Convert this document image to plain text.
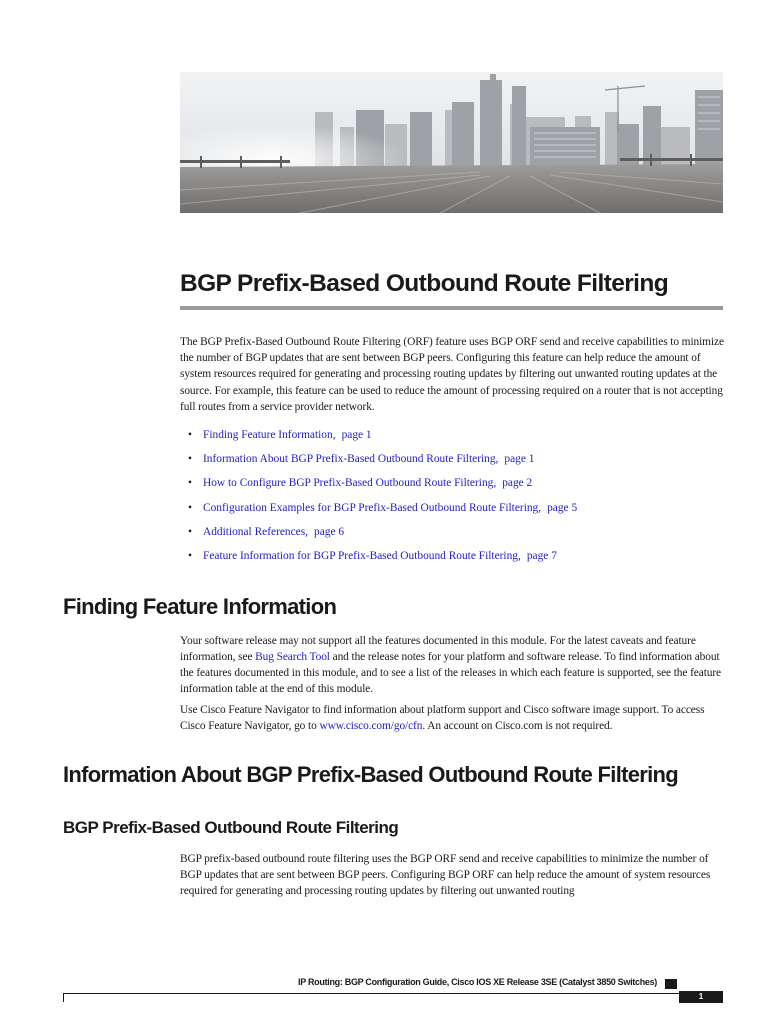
BGP Prefix-Based Outbound Route Filtering

The BGP Prefix-Based Outbound Route Filtering (ORF) feature uses BGP ORF send and receive capabilities to minimize the number of BGP updates that are sent between BGP peers. Configuring this feature can help reduce the amount of system resources required for generating and processing routing updates by filtering out unwanted routing updates at the source. For example, this feature can be used to reduce the amount of processing required on a router that is not accepting full routes from a service provider network.

• Finding Feature Information, page 1
• Information About BGP Prefix-Based Outbound Route Filtering, page 1
• How to Configure BGP Prefix-Based Outbound Route Filtering, page 2
• Configuration Examples for BGP Prefix-Based Outbound Route Filtering, page 5
• Additional References, page 6
• Feature Information for BGP Prefix-Based Outbound Route Filtering, page 7
Finding Feature Information

Your software release may not support all the features documented in this module. For the latest caveats and feature information, see Bug Search Tool and the release notes for your platform and software release. To find information about the features documented in this module, and to see a list of the releases in which each feature is supported, see the feature information table at the end of this module.

Use Cisco Feature Navigator to find information about platform support and Cisco software image support. To access Cisco Feature Navigator, go to www.cisco.com/go/cfn. An account on Cisco.com is not required.

Information About BGP Prefix-Based Outbound Route Filtering
BGP Prefix-Based Outbound Route Filtering

BGP prefix-based outbound route filtering uses the BGP ORF send and receive capabilities to minimize the number of BGP updates that are sent between BGP peers. Configuring BGP ORF can help reduce the amount of system resources required for generating and processing routing updates by filtering out unwanted routing

IP Routing: BGP Configuration Guide, Cisco IOS XE Release 3SE (Catalyst 3850 Switches)
1
